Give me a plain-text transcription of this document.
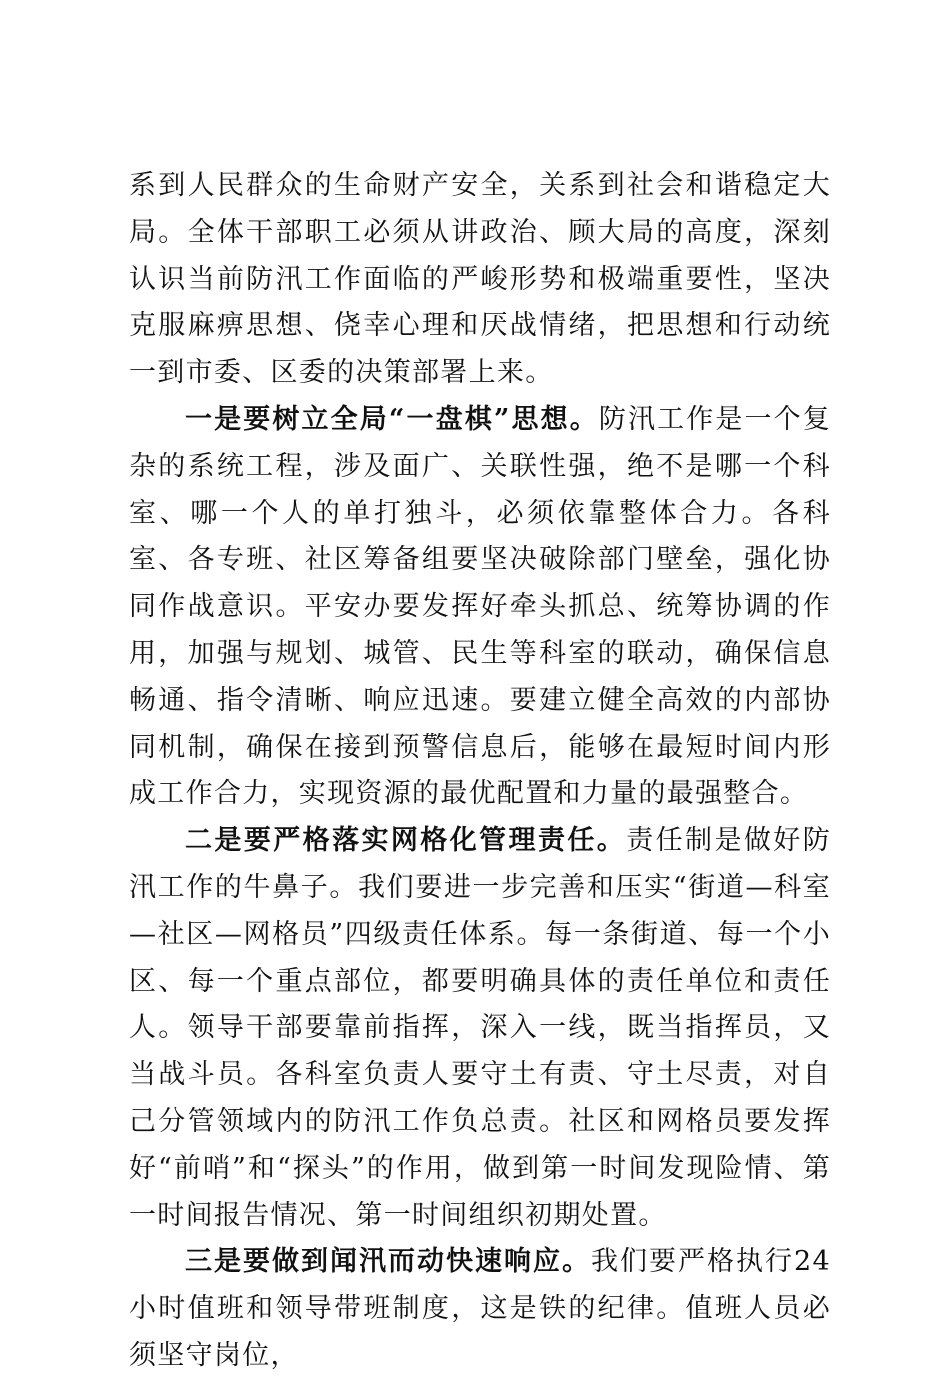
系到人民群众的生命财产安全，关系到社会和谐稳定大局。全体干部职工必须从讲政治、顾大局的高度，深刻认识当前防汛工作面临的严峻形势和极端重要性，坚决克服麻痹思想、侥幸心理和厌战情绪，把思想和行动统一到市委、区委的决策部署上来。

一是要树立全局“一盘棋”思想。防汛工作是一个复杂的系统工程，涉及面广、关联性强，绝不是哪一个科室、哪一个人的单打独斗，必须依靠整体合力。各科室、各专班、社区筹备组要坚决破除部门壁垒，强化协同作战意识。平安办要发挥好牵头抓总、统筹协调的作用，加强与规划、城管、民生等科室的联动，确保信息畅通、指令清晰、响应迅速。要建立健全高效的内部协同机制，确保在接到预警信息后，能够在最短时间内形成工作合力，实现资源的最优配置和力量的最强整合。

二是要严格落实网格化管理责任。责任制是做好防汛工作的牛鼻子。我们要进一步完善和压实“街道—科室—社区—网格员”四级责任体系。每一条街道、每一个小区、每一个重点部位，都要明确具体的责任单位和责任人。领导干部要靠前指挥，深入一线，既当指挥员，又当战斗员。各科室负责人要守土有责、守土尽责，对自己分管领域内的防汛工作负总责。社区和网格员要发挥好“前哨”和“探头”的作用，做到第一时间发现险情、第一时间报告情况、第一时间组织初期处置。

三是要做到闻汛而动快速响应。我们要严格执行24小时值班和领导带班制度，这是铁的纪律。值班人员必须坚守岗位，
